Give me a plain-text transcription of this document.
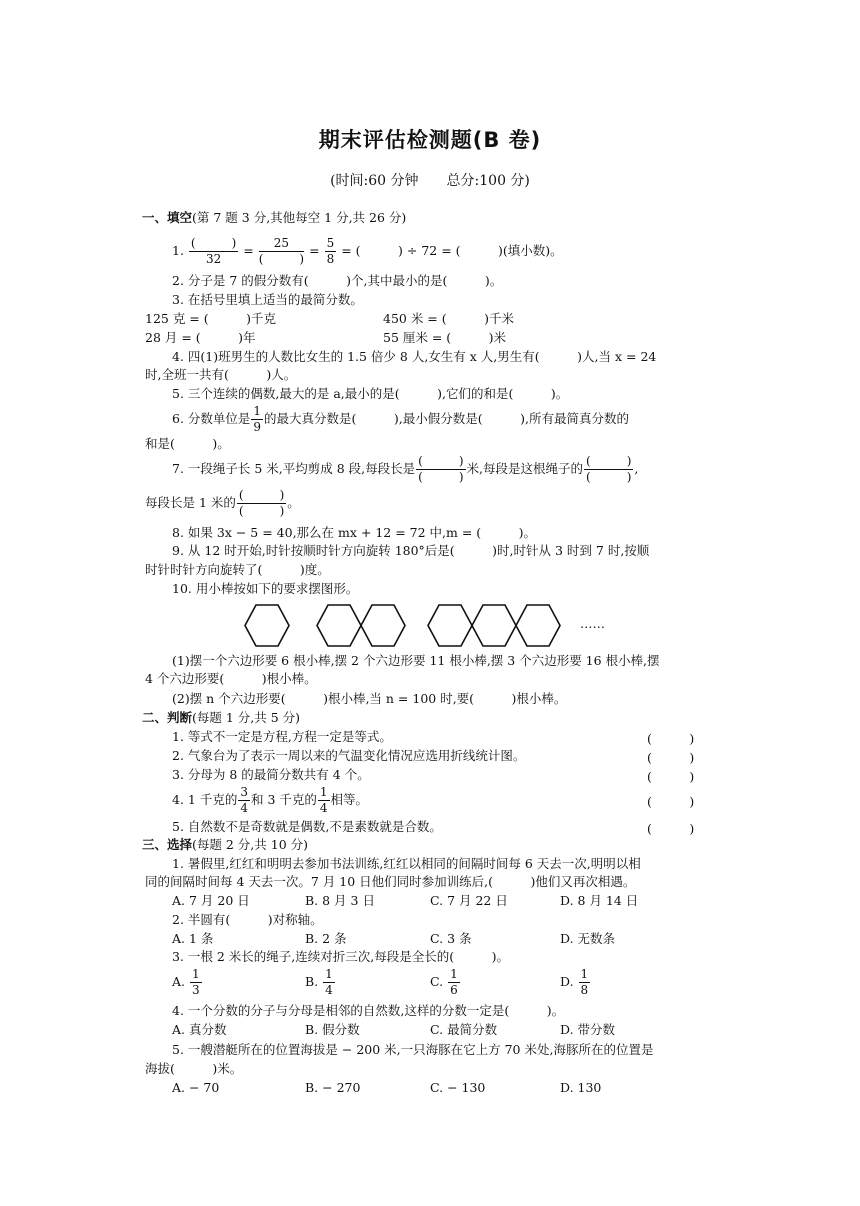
期末评估检测题(B 卷)
(时间:60 分钟　　总分:100 分)
一、填空(第 7 题 3 分,其他每空 1 分,共 26 分)
1. $\frac{( )}{32} = \frac{25}{( )} = \frac{5}{8}$ = (　　　) ÷ 72 = (　　　)(填小数)。
2. 分子是 7 的假分数有(　　　)个,其中最小的是(　　　)。
3. 在括号里填上适当的最简分数。
125 克 = (　　　)千克	450 米 = (　　　)千米
28 月 = (　　　)年	55 厘米 = (　　　)米
4. 四(1)班男生的人数比女生的 1.5 倍少 8 人,女生有 x 人,男生有(　　　)人,当 x = 24
时,全班一共有(　　　)人。
5. 三个连续的偶数,最大的是 a,最小的是(　　　),它们的和是(　　　)。
6. 分数单位是 $\frac{1}{9}$ 的最大真分数是(　　　),最小假分数是(　　　),所有最简真分数的
和是(　　　)。
7. 一段绳子长 5 米,平均剪成 8 段,每段长是 $\frac{( )}{( )}$ 米,每段是这根绳子的 $\frac{( )}{( )}$ ,
每段长是 1 米的 $\frac{( )}{( )}$ 。
8. 如果 3x − 5 = 40,那么在 mx + 12 = 72 中,m = (　　　)。
9. 从 12 时开始,时针按顺时针方向旋转 180°后是(　　　)时,时针从 3 时到 7 时,按顺
时针时针方向旋转了(　　　)度。
10. 用小棒按如下的要求摆图形。
……
(1)摆一个六边形要 6 根小棒,摆 2 个六边形要 11 根小棒,摆 3 个六边形要 16 根小棒,摆
4 个六边形要(　　　)根小棒。
(2)摆 n 个六边形要(　　　)根小棒,当 n = 100 时,要(　　　)根小棒。
二、判断(每题 1 分,共 5 分)
1. 等式不一定是方程,方程一定是等式。	(　　　)
2. 气象台为了表示一周以来的气温变化情况应选用折线统计图。	(　　　)
3. 分母为 8 的最简分数共有 4 个。	(　　　)
4. 1 千克的 $\frac{3}{4}$ 和 3 千克的 $\frac{1}{4}$ 相等。	(　　　)
5. 自然数不是奇数就是偶数,不是素数就是合数。	(　　　)
三、选择(每题 2 分,共 10 分)
1. 暑假里,红红和明明去参加书法训练,红红以相同的间隔时间每 6 天去一次,明明以相
同的间隔时间每 4 天去一次。7 月 10 日他们同时参加训练后,(　　　)他们又再次相遇。
A. 7 月 20 日	B. 8 月 3 日	C. 7 月 22 日	D. 8 月 14 日
2. 半圆有(　　　)对称轴。
A. 1 条	B. 2 条	C. 3 条	D. 无数条
3. 一根 2 米长的绳子,连续对折三次,每段是全长的(　　　)。
A. $\frac{1}{3}$	B. $\frac{1}{4}$	C. $\frac{1}{6}$	D. $\frac{1}{8}$
4. 一个分数的分子与分母是相邻的自然数,这样的分数一定是(　　　)。
A. 真分数	B. 假分数	C. 最简分数	D. 带分数
5. 一艘潜艇所在的位置海拔是 − 200 米,一只海豚在它上方 70 米处,海豚所在的位置是
海拔(　　　)米。
A. − 70	B. − 270	C. − 130	D. 130
